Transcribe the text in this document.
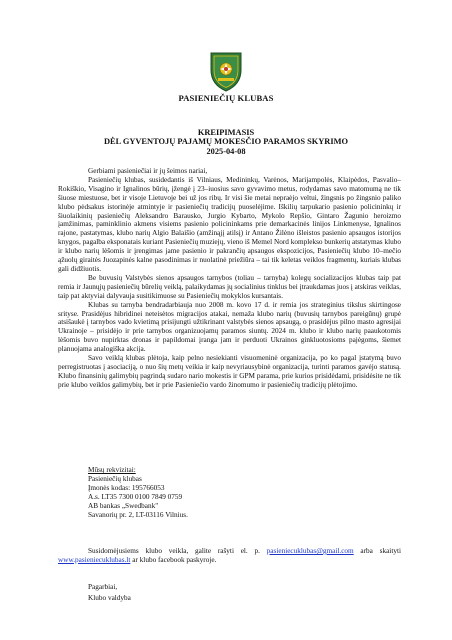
PASIENIEČIŲ KLUBAS
KREIPIMASIS
DĖL GYVENTOJŲ PAJAMŲ MOKESČIO PARAMOS SKYRIMO
2025-04-08

Gerbiami pasieniečiai ir jų šeimos nariai,

Pasieniečių klubas, susidedantis iš Vilniaus, Medininkų, Varėnos, Marijampolės, Klaipėdos, Pasvalio–Rokiškio, Visagino ir Ignalinos būrių, įžengė į 23–iuosius savo gyvavimo metus, rodydamas savo matomumą ne tik šiuose miestuose, bet ir visoje Lietuvoje bei už jos ribų. Ir visi šie metai nepraėjo veltui, žingsnis po žingsnio paliko klubo pėdsakus istorinėje atmintyje ir pasieniečių tradicijų puoselėjime. Iškilių tarpukario pasienio policininkų ir šiuolaikinių pasieniečių Aleksandro Barausko, Jurgio Kybarto, Mykolo Repšio, Gintaro Žagunio heroizmo įamžinimas, paminklinio akmens visiems pasienio policininkams prie demarkacinės linijos Linkmenyse, Ignalinos rajone, pastatymas, klubo narių Algio Balaišio (amžinąjį atilsį) ir Antano Žilėno išleistos pasienio apsaugos istorijos knygos, pagalba eksponatais kuriant Pasieniečių muziejų, vieno iš Memel Nord komplekso bunkerių atstatymas klubo ir klubo narių lėšomis ir įrengimas jame pasienio ir pakrančių apsaugos ekspozicijos, Pasieniečių klubo 10–mečio ąžuolų giraitės Juozapinės kalne pasodinimas ir nuolatinė priežiūra – tai tik keletas veiklos fragmentų, kuriais klubas gali didžiuotis.

Be buvusių Valstybės sienos apsaugos tarnybos (toliau – tarnyba) kolegų socializacijos klubas taip pat remia ir Jaunųjų pasieniečių būrelių veiklą, palaikydamas jų socialinius tinklus bei įtraukdamas juos į atskiras veiklas, taip pat aktyviai dalyvauja susitikimuose su Pasieniečių mokyklos kursantais.

Klubas su tarnyba bendradarbiauja nuo 2008 m. kovo 17 d. ir remia jos strateginius tikslus skirtingose srityse. Prasidėjus hibridinei neteisėtos migracijos atakai, nemaža klubo narių (buvusių tarnybos pareigūnų) grupė atsišaukė į tarnybos vado kvietimą prisijungti užtikrinant valstybės sienos apsaugą, o prasidėjus pilno masto agresijai Ukrainoje – prisidėjo ir prie tarnybos organizuojamų paramos siuntų. 2024 m. klubo ir klubo narių paaukotomis lėšomis buvo nupirktas dronas ir papildomai įranga jam ir perduoti Ukrainos ginkluotosioms pajėgoms, šiemet planuojama analogiška akcija.

Savo veiklą klubas plėtoja, kaip pelno nesiekianti visuomeninė organizacija, po ko pagal įstatymą buvo perregistruotas į asociaciją, o nuo šių metų veikia ir kaip nevyriausybinė organizacija, turinti paramos gavėjo statusą. Klubo finansinių galimybių pagrindą sudaro nario mokestis ir GPM parama, prie kurios prisidėdami, prisidėsite ne tik prie klubo veiklos galimybių, bet ir prie Pasieniečio vardo žinomumo ir pasieniečių tradicijų plėtojimo.

Mūsų rekvizitai:
Pasieniečių klubas
Įmonės kodas: 195766053
A.s. LT35 7300 0100 7849 0759
AB bankas „Swedbank"
Savanorių pr. 2, LT-03116 Vilnius.

Susidomėjusiems klubo veikla, galite rašyti el. p. pasieniecuklubas@gmail.com arba skaityti www.pasieniecuklubas.lt ar klubo facebook paskyroje.

Pagarbiai,
Klubo valdyba
